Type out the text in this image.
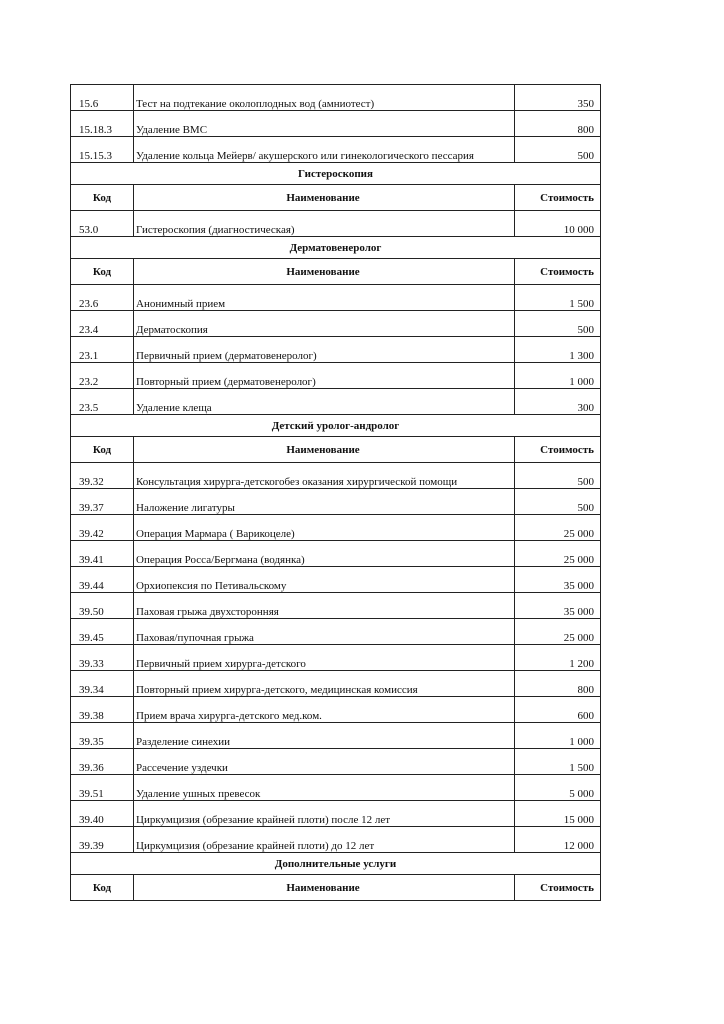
15.6	Тест на подтекание околоплодных вод (амниотест)	350
15.18.3	Удаление ВМС	800
15.15.3	Удаление кольца Мейерв/ акушерского или гинекологического пессария	500
Гистероскопия		
Код	Наименование	Стоимость
53.0	Гистероскопия (диагностическая)	10 000
Дерматовенеролог		
Код	Наименование	Стоимость
23.6	Анонимный прием	1 500
23.4	Дерматоскопия	500
23.1	Первичный прием (дерматовенеролог)	1 300
23.2	Повторный прием (дерматовенеролог)	1 000
23.5	Удаление клеща	300
Детский уролог-андролог		
Код	Наименование	Стоимость
39.32	Консультация хирурга-детскогобез оказания хирургической помощи	500
39.37	Наложение лигатуры	500
39.42	Операция Мармара ( Варикоцеле)	25 000
39.41	Операция Росса/Бергмана (водянка)	25 000
39.44	Орхиопексия по Петивальскому	35 000
39.50	Паховая грыжа двухсторонняя	35 000
39.45	Паховая/пупочная грыжа	25 000
39.33	Первичный прием хирурга-детского	1 200
39.34	Повторный прием хирурга-детского, медицинская комиссия	800
39.38	Прием врача хирурга-детского мед.ком.	600
39.35	Разделение синехии	1 000
39.36	Рассечение уздечки	1 500
39.51	Удаление ушных превесок	5 000
39.40	Циркумцизия (обрезание крайней плоти) после 12 лет	15 000
39.39	Циркумцизия (обрезание крайней плоти) до 12 лет	12 000
Дополнительные услуги		
Код	Наименование	Стоимость
